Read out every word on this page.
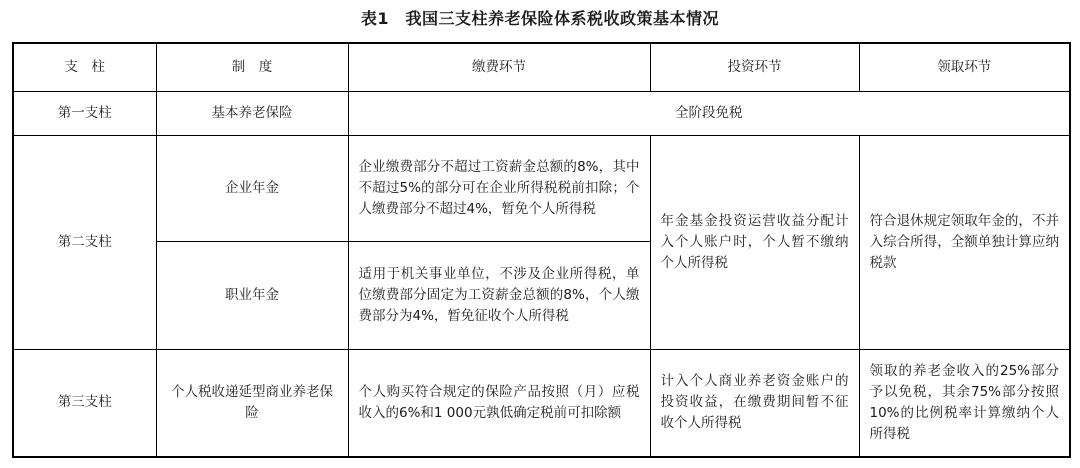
表1　我国三支柱养老保险体系税收政策基本情况
支　柱	制　度	缴费环节	投资环节	领取环节
第一支柱	基本养老保险	全阶段免税		
第二支柱	企业年金	企业缴费部分不超过工资薪金总额的8%，其中不超过5%的部分可在企业所得税税前扣除；个人缴费部分不超过4%，暂免个人所得税	年金基金投资运营收益分配计入个人账户时，个人暂不缴纳个人所得税	符合退休规定领取年金的，不并入综合所得，全额单独计算应纳税款
	职业年金	适用于机关事业单位，不涉及企业所得税，单位缴费部分固定为工资薪金总额的8%，个人缴费部分为4%，暂免征收个人所得税		
第三支柱	个人税收递延型商业养老保险	个人购买符合规定的保险产品按照（月）应税收入的6%和1 000元孰低确定税前可扣除额	计入个人商业养老资金账户的投资收益，在缴费期间暂不征收个人所得税	领取的养老金收入的25%部分予以免税，其余75%部分按照10%的比例税率计算缴纳个人所得税
